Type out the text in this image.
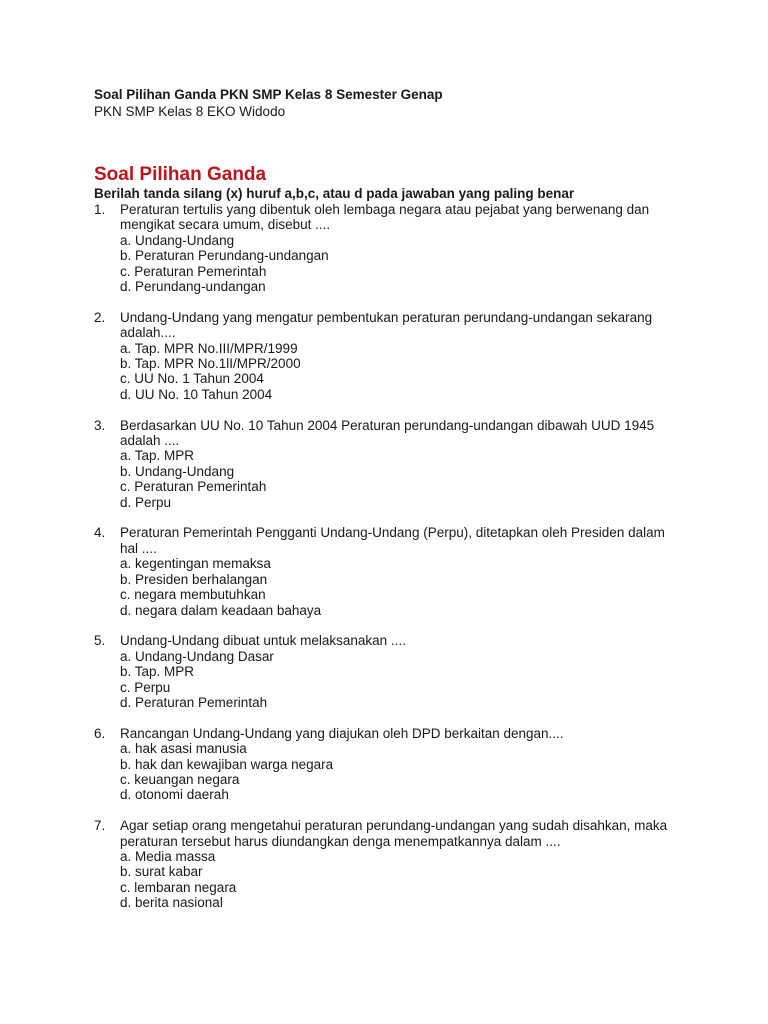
Soal Pilihan Ganda PKN SMP Kelas 8 Semester Genap

PKN SMP Kelas 8 EKO Widodo

Soal Pilihan Ganda

Berilah tanda silang (x) huruf a,b,c, atau d pada jawaban yang paling benar

1. Peraturan tertulis yang dibentuk oleh lembaga negara atau pejabat yang berwenang dan mengikat secara umum, disebut ....
a. Undang-Undang
b. Peraturan Perundang-undangan
c. Peraturan Pemerintah
d. Perundang-undangan
2. Undang-Undang yang mengatur pembentukan peraturan perundang-undangan sekarang adalah....
a. Tap. MPR No.III/MPR/1999
b. Tap. MPR No.1lI/MPR/2000
c. UU No. 1 Tahun 2004
d. UU No. 10 Tahun 2004
3. Berdasarkan UU No. 10 Tahun 2004 Peraturan perundang-undangan dibawah UUD 1945 adalah ....
a. Tap. MPR
b. Undang-Undang
c. Peraturan Pemerintah
d. Perpu
4. Peraturan Pemerintah Pengganti Undang-Undang (Perpu), ditetapkan oleh Presiden dalam hal ....
a. kegentingan memaksa
b. Presiden berhalangan
c. negara membutuhkan
d. negara dalam keadaan bahaya
5. Undang-Undang dibuat untuk melaksanakan ....
a. Undang-Undang Dasar
b. Tap. MPR
c. Perpu
d. Peraturan Pemerintah
6. Rancangan Undang-Undang yang diajukan oleh DPD berkaitan dengan....
a. hak asasi manusia
b. hak dan kewajiban warga negara
c. keuangan negara
d. otonomi daerah
7. Agar setiap orang mengetahui peraturan perundang-undangan yang sudah disahkan, maka peraturan tersebut harus diundangkan denga menempatkannya dalam ....
a. Media massa
b. surat kabar
c. lembaran negara
d. berita nasional
